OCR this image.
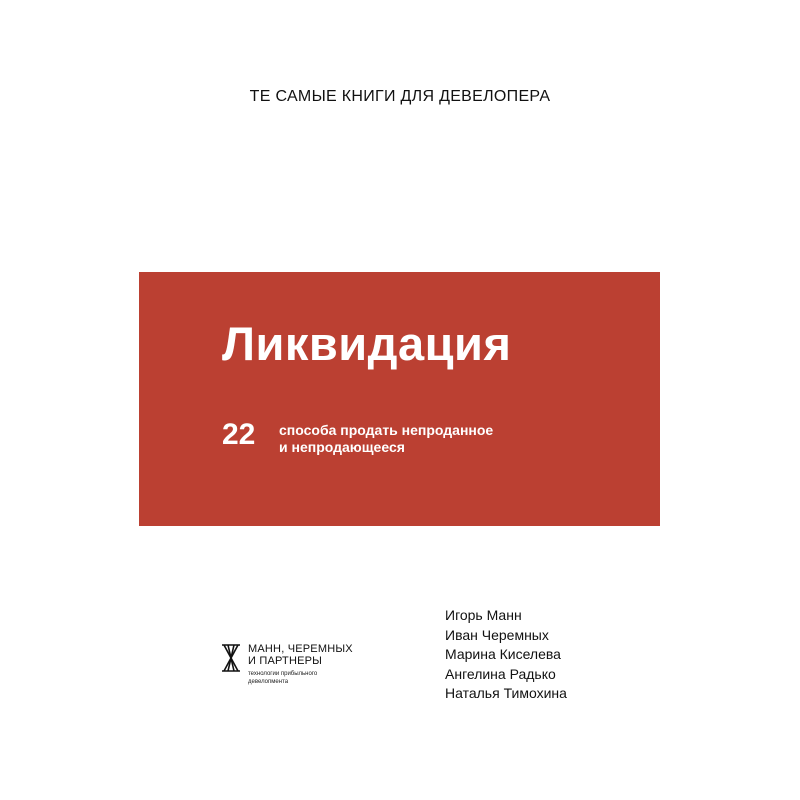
ТЕ САМЫЕ КНИГИ ДЛЯ ДЕВЕЛОПЕРА
Ликвидация
22 способа продать непроданное
и непродающееся
МАНН, ЧЕРЕМНЫХ
И ПАРТНЕРЫ
технологии прибыльного
девелопмента
Игорь Манн
Иван Черемных
Марина Киселева
Ангелина Радько
Наталья Тимохина
